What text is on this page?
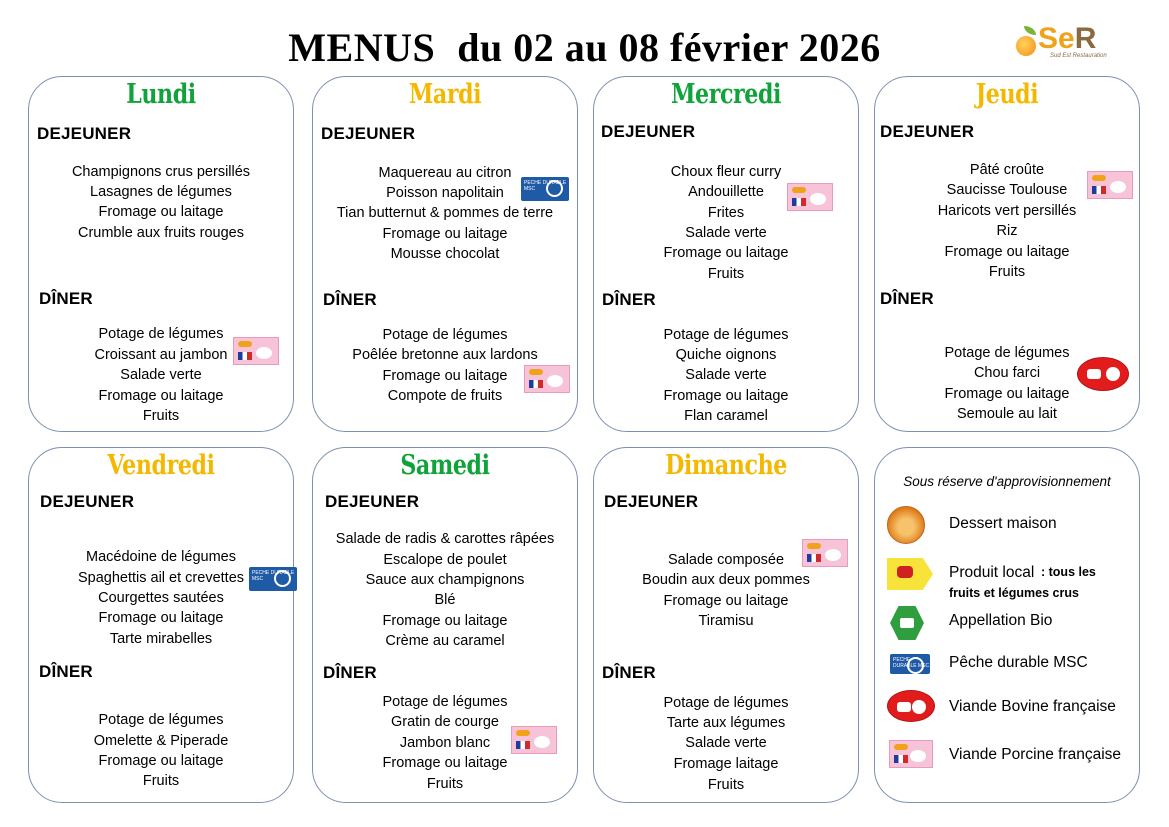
MENUS du 02 au 08 février 2026	SeR
Sud Est Restauration
Lundi
DEJEUNER
Champignons crus persillés
Lasagnes de légumes
Fromage ou laitage
Crumble aux fruits rouges
DÎNER
Potage de légumes
Croissant au jambon
Salade verte
Fromage ou laitage
Fruits
Mardi
DEJEUNER
Maquereau au citron
Poisson napolitain
Tian butternut & pommes de terre
Fromage ou laitage
Mousse chocolat
PECHE DURABLE MSC
DÎNER
Potage de légumes
Poêlée bretonne aux lardons
Fromage ou laitage
Compote de fruits
Mercredi
DEJEUNER
Choux fleur curry
Andouillette
Frites
Salade verte
Fromage ou laitage
Fruits
DÎNER
Potage de légumes
Quiche oignons
Salade verte
Fromage ou laitage
Flan caramel
Jeudi
DEJEUNER
Pâté croûte
Saucisse Toulouse
Haricots vert persillés
Riz
Fromage ou laitage
Fruits
DÎNER
Potage de légumes
Chou farci
Fromage ou laitage
Semoule au lait
Vendredi
DEJEUNER
Macédoine de légumes
Spaghettis ail et crevettes
Courgettes sautées
Fromage ou laitage
Tarte mirabelles
PECHE DURABLE MSC
DÎNER
Potage de légumes
Omelette & Piperade
Fromage ou laitage
Fruits
Samedi
DEJEUNER
Salade de radis & carottes râpées
Escalope de poulet
Sauce aux champignons
Blé
Fromage ou laitage
Crème au caramel
DÎNER
Potage de légumes
Gratin de courge
Jambon blanc
Fromage ou laitage
Fruits
Dimanche
DEJEUNER
Salade composée
Boudin aux deux pommes
Fromage ou laitage
Tiramisu
DÎNER
Potage de légumes
Tarte aux légumes
Salade verte
Fromage laitage
Fruits
Sous réserve d'approvisionnement
Dessert maison
Produit local : tous les
fruits et légumes crus
Appellation Bio
PECHE DURABLE MSC Pêche durable MSC
Viande Bovine française
Viande Porcine française
